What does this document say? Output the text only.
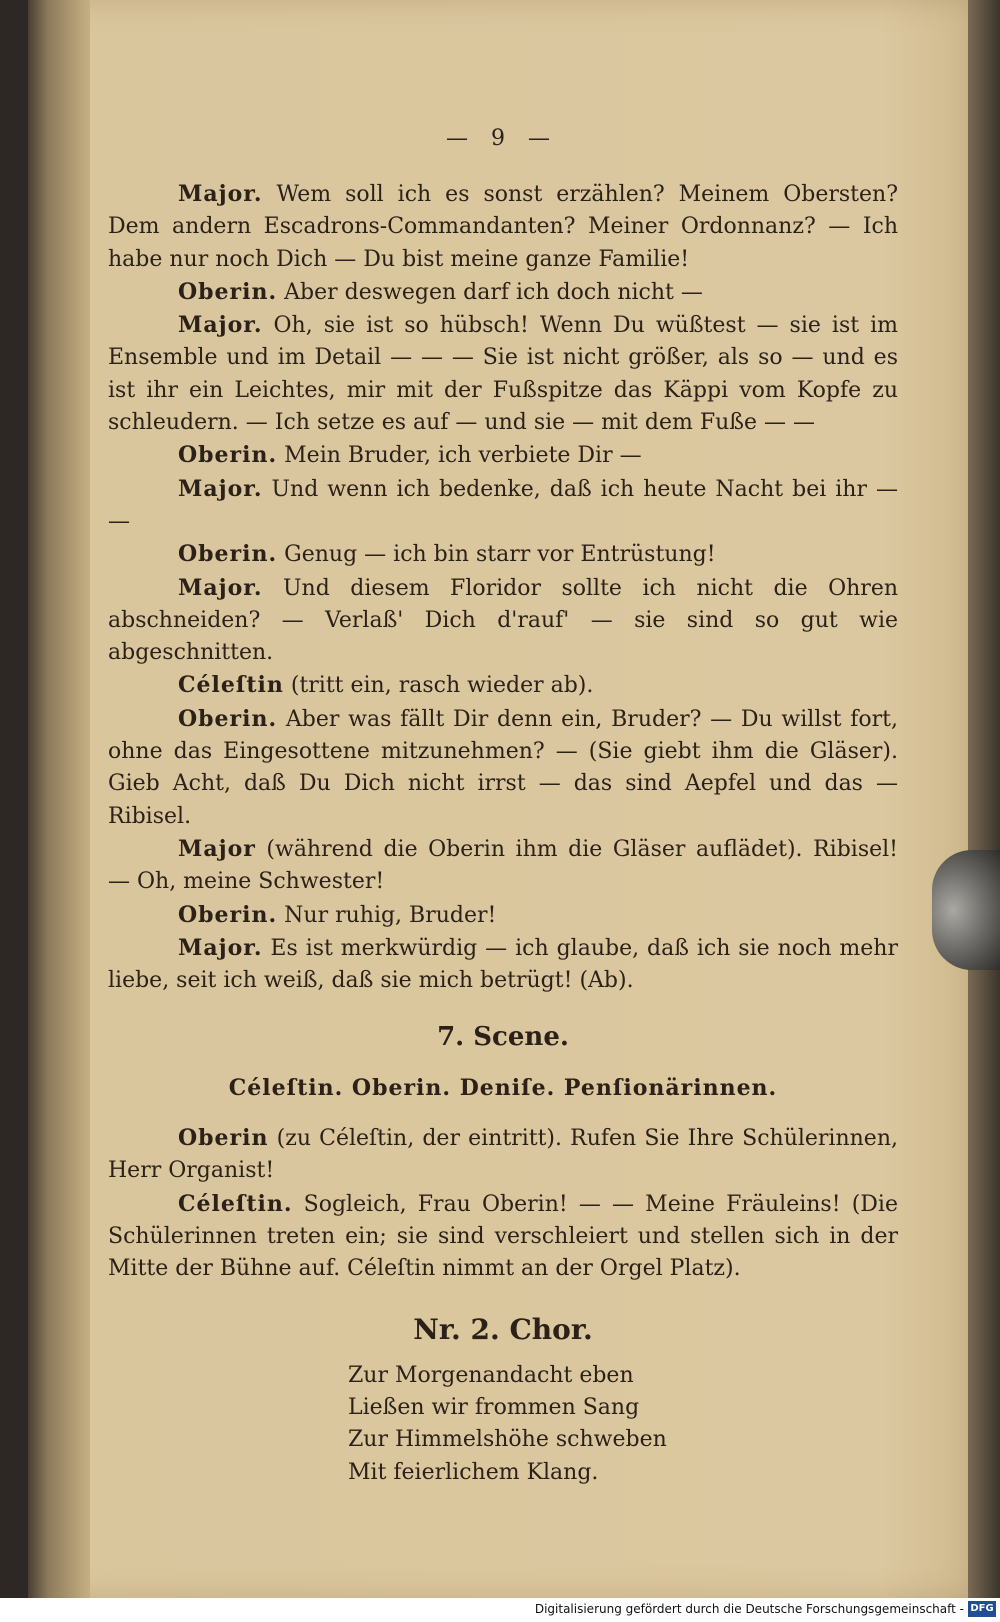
— 9 —

Major. Wem soll ich es sonst erzählen? Meinem Obersten? Dem andern Escadrons-Commandanten? Meiner Ordonnanz? — Ich habe nur noch Dich — Du bist meine ganze Familie!

Oberin. Aber deswegen darf ich doch nicht —

Major. Oh, sie ist so hübsch! Wenn Du wüßtest — sie ist im Ensemble und im Detail — — — Sie ist nicht größer, als so — und es ist ihr ein Leichtes, mir mit der Fußspitze das Käppi vom Kopfe zu schleudern. — Ich setze es auf — und sie — mit dem Fuße — —

Oberin. Mein Bruder, ich verbiete Dir —

Major. Und wenn ich bedenke, daß ich heute Nacht bei ihr — —

Oberin. Genug — ich bin starr vor Entrüstung!

Major. Und diesem Floridor sollte ich nicht die Ohren abschneiden? — Verlaß' Dich d'rauf' — sie sind so gut wie abgeschnitten.

Céleſtin (tritt ein, rasch wieder ab).

Oberin. Aber was fällt Dir denn ein, Bruder? — Du willst fort, ohne das Eingesottene mitzunehmen? — (Sie giebt ihm die Gläser). Gieb Acht, daß Du Dich nicht irrst — das sind Aepfel und das — Ribisel.

Major (während die Oberin ihm die Gläser auflädet). Ribisel! — Oh, meine Schwester!

Oberin. Nur ruhig, Bruder!

Major. Es ist merkwürdig — ich glaube, daß ich sie noch mehr liebe, seit ich weiß, daß sie mich betrügt! (Ab).

7. Scene.
Céleſtin. Oberin. Deniſe. Penſionärinnen.

Oberin (zu Céleſtin, der eintritt). Rufen Sie Ihre Schülerinnen, Herr Organist!

Céleſtin. Sogleich, Frau Oberin! — — Meine Fräuleins! (Die Schülerinnen treten ein; sie sind verschleiert und stellen sich in der Mitte der Bühne auf. Céleſtin nimmt an der Orgel Platz).

Nr. 2. Chor.

Zur Morgenandacht eben

Ließen wir frommen Sang

Zur Himmelshöhe schweben

Mit feierlichem Klang.

Digitalisierung gefördert durch die Deutsche Forschungsgemeinschaft - DFG
